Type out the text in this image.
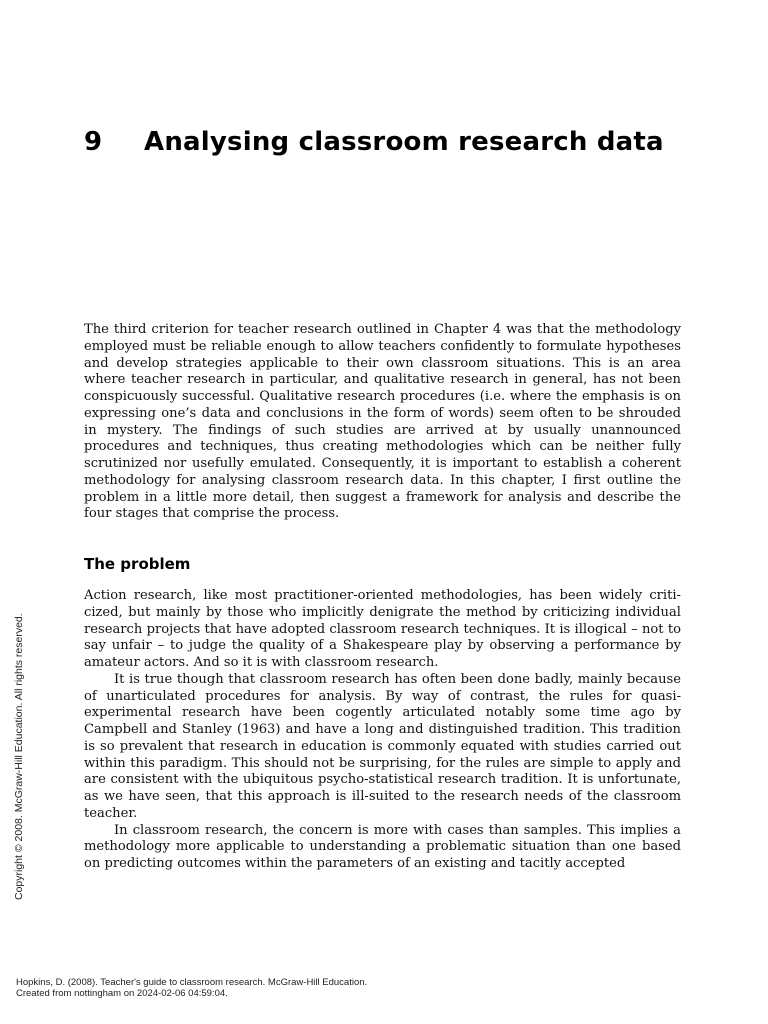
9 Analysing classroom research data

The third criterion for teacher research outlined in Chapter 4 was that the methodology employed must be reliable enough to allow teachers confidently to formulate hypotheses and develop strategies applicable to their own classroom situations. This is an area where teacher research in particular, and qualitative research in general, has not been conspicuously successful. Qualitative research procedures (i.e. where the emphasis is on expressing one’s data and conclusions in the form of words) seem often to be shrouded in mystery. The findings of such studies are arrived at by usually unannounced procedures and techniques, thus creating methodologies which can be neither fully scrutinized nor usefully emulated. Consequently, it is important to establish a coherent methodology for analysing classroom research data. In this chapter, I first outline the problem in a little more detail, then suggest a framework for analysis and describe the four stages that comprise the process.

The problem

Action research, like most practitioner-oriented methodologies, has been widely criti-cized, but mainly by those who implicitly denigrate the method by criticizing individual research projects that have adopted classroom research techniques. It is illogical – not to say unfair – to judge the quality of a Shakespeare play by observing a performance by amateur actors. And so it is with classroom research.

It is true though that classroom research has often been done badly, mainly because of unarticulated procedures for analysis. By way of contrast, the rules for quasi-experimental research have been cogently articulated notably some time ago by Campbell and Stanley (1963) and have a long and distinguished tradition. This tradition is so prevalent that research in education is commonly equated with studies carried out within this paradigm. This should not be surprising, for the rules are simple to apply and are consistent with the ubiquitous psycho-statistical research tradition. It is unfortunate, as we have seen, that this approach is ill-suited to the research needs of the classroom teacher.

In classroom research, the concern is more with cases than samples. This implies a methodology more applicable to understanding a problematic situation than one based on predicting outcomes within the parameters of an existing and tacitly accepted

Copyright © 2008. McGraw-Hill Education. All rights reserved.
Hopkins, D. (2008). Teacher's guide to classroom research. McGraw-Hill Education.
Created from nottingham on 2024-02-06 04:59:04.
